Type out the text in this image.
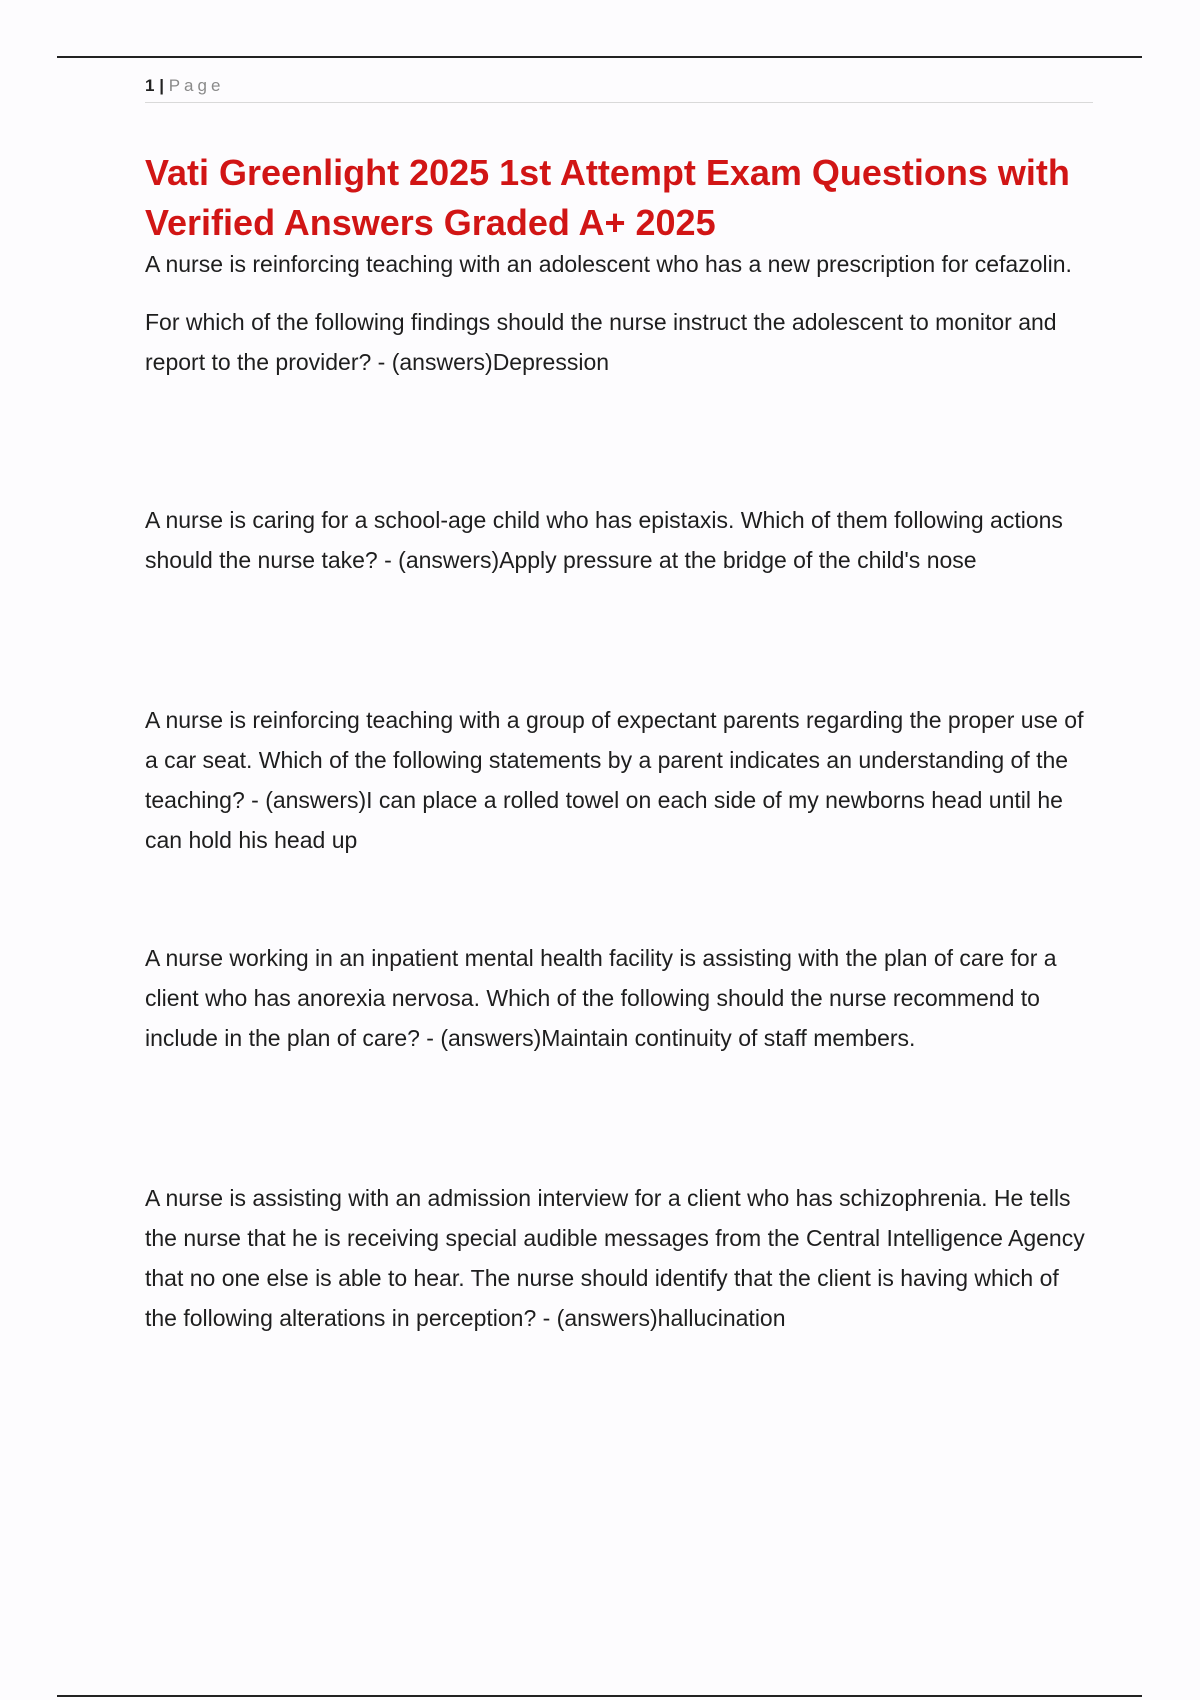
1 | Page
Vati Greenlight 2025 1st Attempt Exam Questions with Verified Answers Graded A+ 2025

A nurse is reinforcing teaching with an adolescent who has a new prescription for cefazolin.

For which of the following findings should the nurse instruct the adolescent to monitor and report to the provider? - (answers)Depression

A nurse is caring for a school-age child who has epistaxis. Which of them following actions should the nurse take? - (answers)Apply pressure at the bridge of the child's nose

A nurse is reinforcing teaching with a group of expectant parents regarding the proper use of a car seat. Which of the following statements by a parent indicates an understanding of the teaching? - (answers)I can place a rolled towel on each side of my newborns head until he can hold his head up

A nurse working in an inpatient mental health facility is assisting with the plan of care for a client who has anorexia nervosa. Which of the following should the nurse recommend to include in the plan of care? - (answers)Maintain continuity of staff members.

A nurse is assisting with an admission interview for a client who has schizophrenia. He tells the nurse that he is receiving special audible messages from the Central Intelligence Agency that no one else is able to hear. The nurse should identify that the client is having which of the following alterations in perception? - (answers)hallucination
